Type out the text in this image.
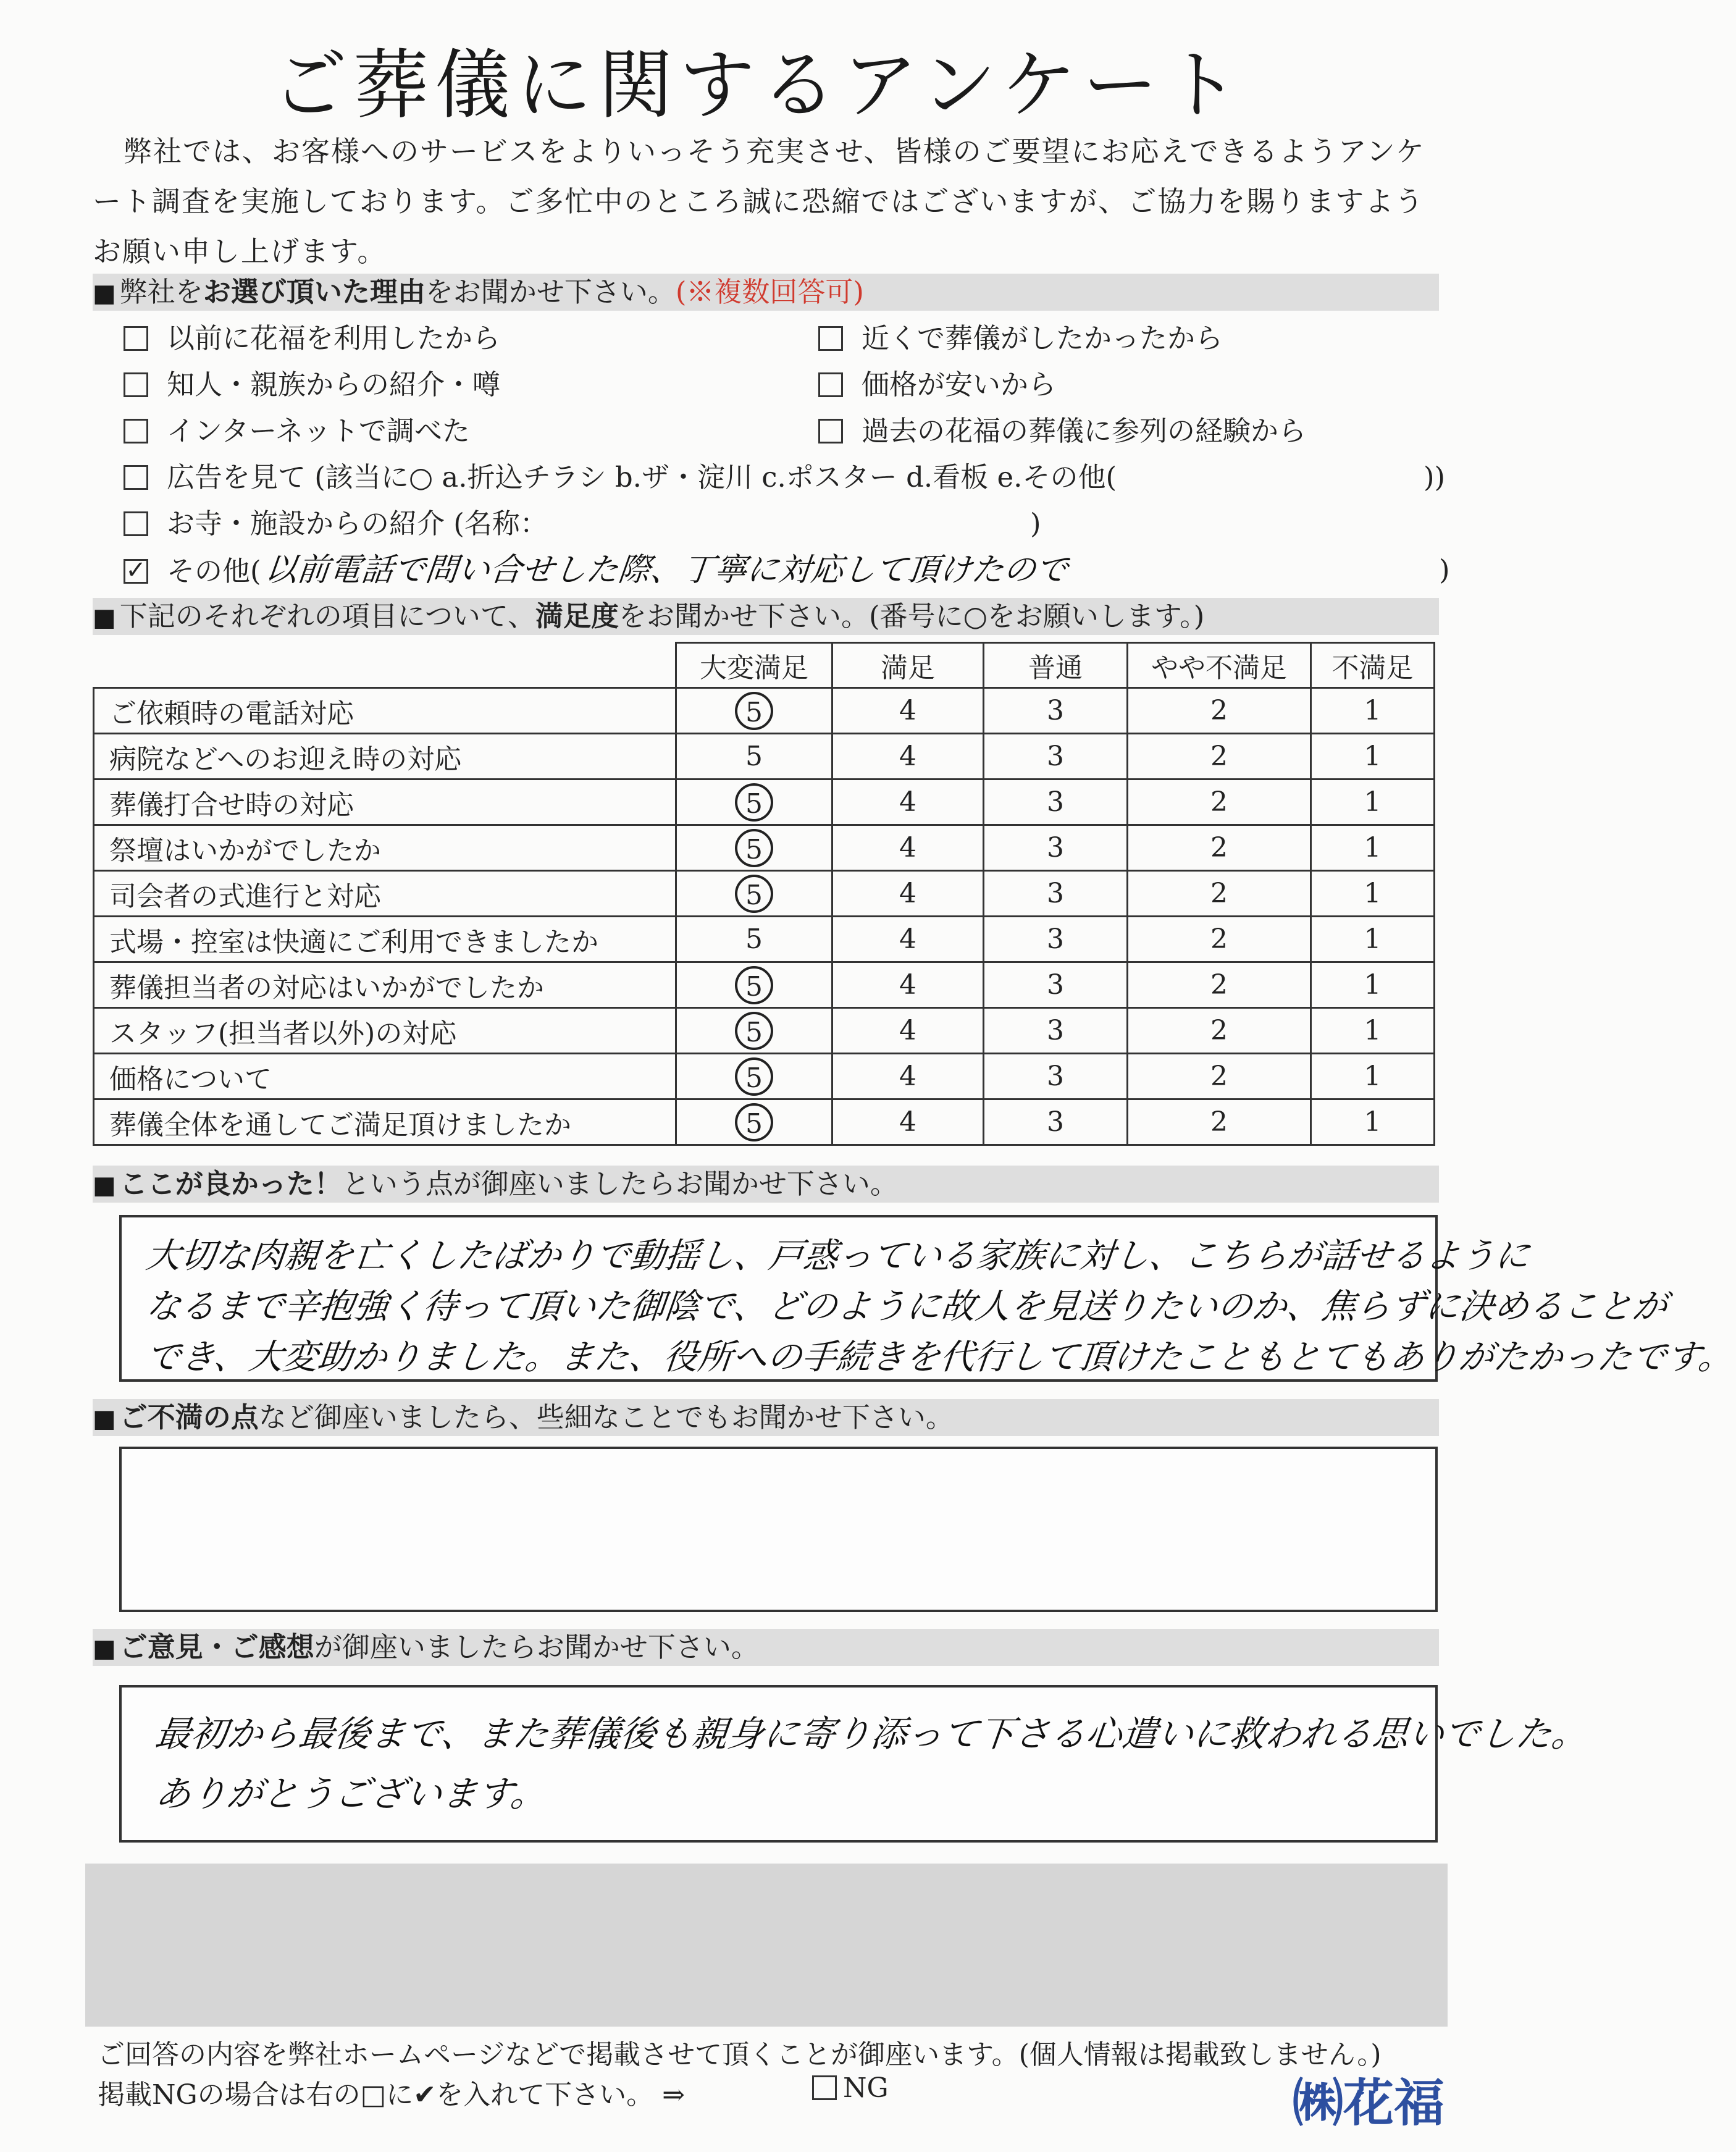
ご葬儀に関するアンケート
弊社では、お客様へのサービスをよりいっそう充実させ、皆様のご要望にお応えできるようアンケート調査を実施しております。ご多忙中のところ誠に恐縮ではございますが、ご協力を賜りますようお願い申し上げます。
■ 弊社をお選び頂いた理由をお聞かせ下さい。(※複数回答可)
以前に花福を利用したから	近くで葬儀がしたかったから
知人・親族からの紹介・噂	価格が安いから
インターネットで調べた	過去の花福の葬儀に参列の経験から
広告を見て (該当に○ a.折込チラシ b.ザ・淀川 c.ポスター d.看板 e.その他(	))
お寺・施設からの紹介 (名称：	)
✓ その他(以前電話で問い合せした際、丁寧に対応して頂けたので	)
■ 下記のそれぞれの項目について、満足度をお聞かせ下さい。(番号に○をお願いします。)
	大変満足	満足	普通	やや不満足	不満足
ご依頼時の電話対応	5	4	3	2	1
病院などへのお迎え時の対応	5	4	3	2	1
葬儀打合せ時の対応	5	4	3	2	1
祭壇はいかがでしたか	5	4	3	2	1
司会者の式進行と対応	5	4	3	2	1
式場・控室は快適にご利用できましたか	5	4	3	2	1
葬儀担当者の対応はいかがでしたか	5	4	3	2	1
スタッフ(担当者以外)の対応	5	4	3	2	1
価格について	5	4	3	2	1
葬儀全体を通してご満足頂けましたか	5	4	3	2	1
■ ここが良かった！という点が御座いましたらお聞かせ下さい。
大切な肉親を亡くしたばかりで動揺し、戸惑っている家族に対し、こちらが話せるように
なるまで辛抱強く待って頂いた御陰で、どのように故人を見送りたいのか、焦らずに決めることが
でき、大変助かりました。また、役所への手続きを代行して頂けたこともとてもありがたかったです。
■ ご不満の点など御座いましたら、些細なことでもお聞かせ下さい。
■ ご意見・ご感想が御座いましたらお聞かせ下さい。
最初から最後まで、また葬儀後も親身に寄り添って下さる心遣いに救われる思いでした。
ありがとうございます。
ご回答の内容を弊社ホームページなどで掲載させて頂くことが御座います。(個人情報は掲載致しません。)
掲載NGの場合は右の□に✔を入れて下さい。 ⇒	NG	㈱花福
